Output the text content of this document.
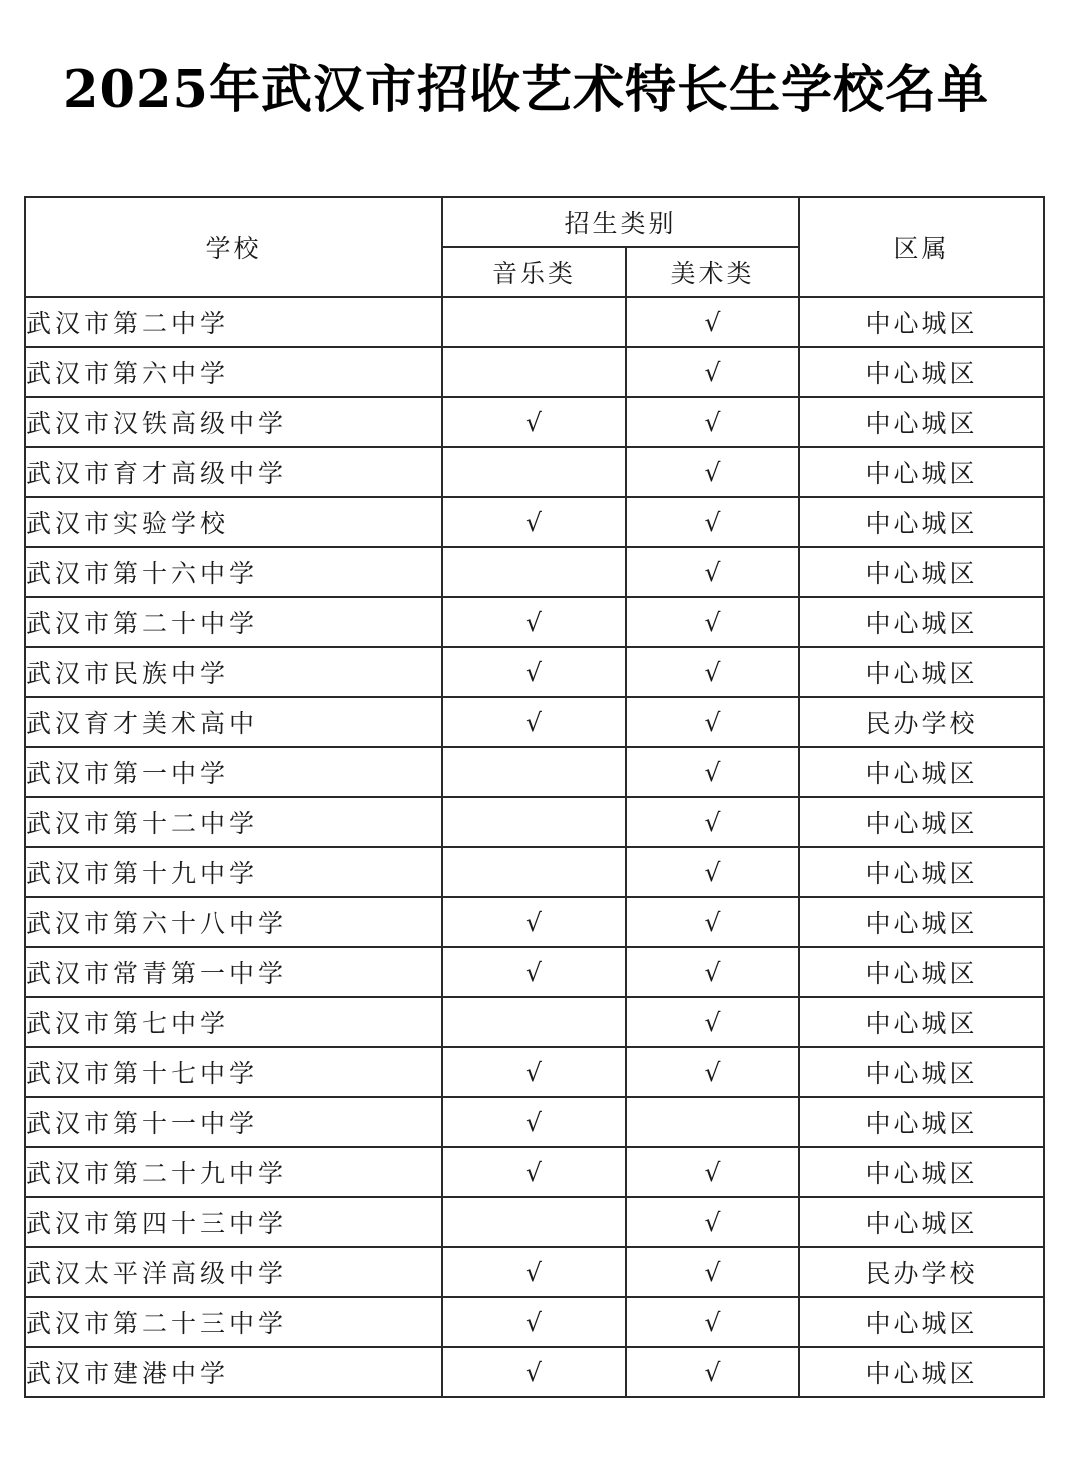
2025年武汉市招收艺术特长生学校名单
学校	招生类别		区属
	音乐类	美术类	
武汉市第二中学		√	中心城区
武汉市第六中学		√	中心城区
武汉市汉铁高级中学	√	√	中心城区
武汉市育才高级中学		√	中心城区
武汉市实验学校	√	√	中心城区
武汉市第十六中学		√	中心城区
武汉市第二十中学	√	√	中心城区
武汉市民族中学	√	√	中心城区
武汉育才美术高中	√	√	民办学校
武汉市第一中学		√	中心城区
武汉市第十二中学		√	中心城区
武汉市第十九中学		√	中心城区
武汉市第六十八中学	√	√	中心城区
武汉市常青第一中学	√	√	中心城区
武汉市第七中学		√	中心城区
武汉市第十七中学	√	√	中心城区
武汉市第十一中学	√		中心城区
武汉市第二十九中学	√	√	中心城区
武汉市第四十三中学		√	中心城区
武汉太平洋高级中学	√	√	民办学校
武汉市第二十三中学	√	√	中心城区
武汉市建港中学	√	√	中心城区
